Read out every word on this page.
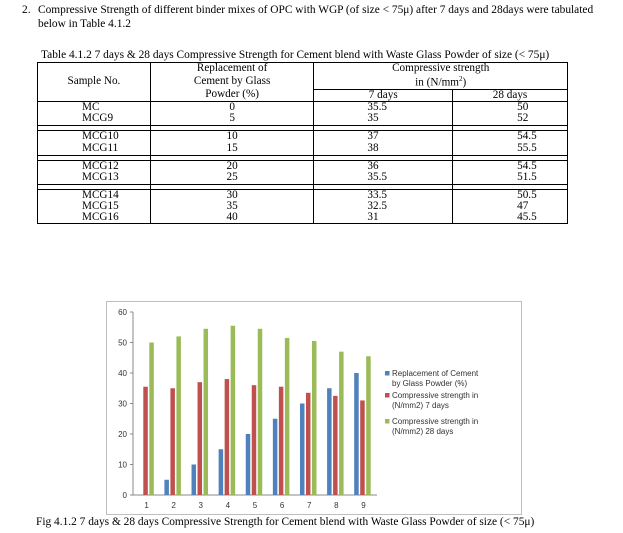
2. Compressive Strength of different binder mixes of OPC with WGP (of size < 75μ) after 7 days and 28days were tabulated below in Table 4.1.2
Table 4.1.2 7 days & 28 days Compressive Strength for Cement blend with Waste Glass Powder of size (< 75μ)
Sample No.	Replacement of	Compressive strength	
	Cement by Glass	in $(N/mm^2)$	
	Powder (%)	7 days	28 days
MC	0	35.5	50
MCG9	5	35	52

MCG10	10	37	54.5
MCG11	15	38	55.5

MCG12	20	36	54.5
MCG13	25	35.5	51.5

MCG14	30	33.5	50.5
MCG15	35	32.5	47
MCG16	40	31	45.5
0
10
20
30
40
50
60
1	2	3	4	5	6	7	8	9
Replacement of Cement
by Glass Powder (%)
Compressive strength in
(N/mm2) 7 days
Compressive strength in
(N/mm2) 28 days
Fig 4.1.2 7 days & 28 days Compressive Strength for Cement blend with Waste Glass Powder of size (< 75μ)
